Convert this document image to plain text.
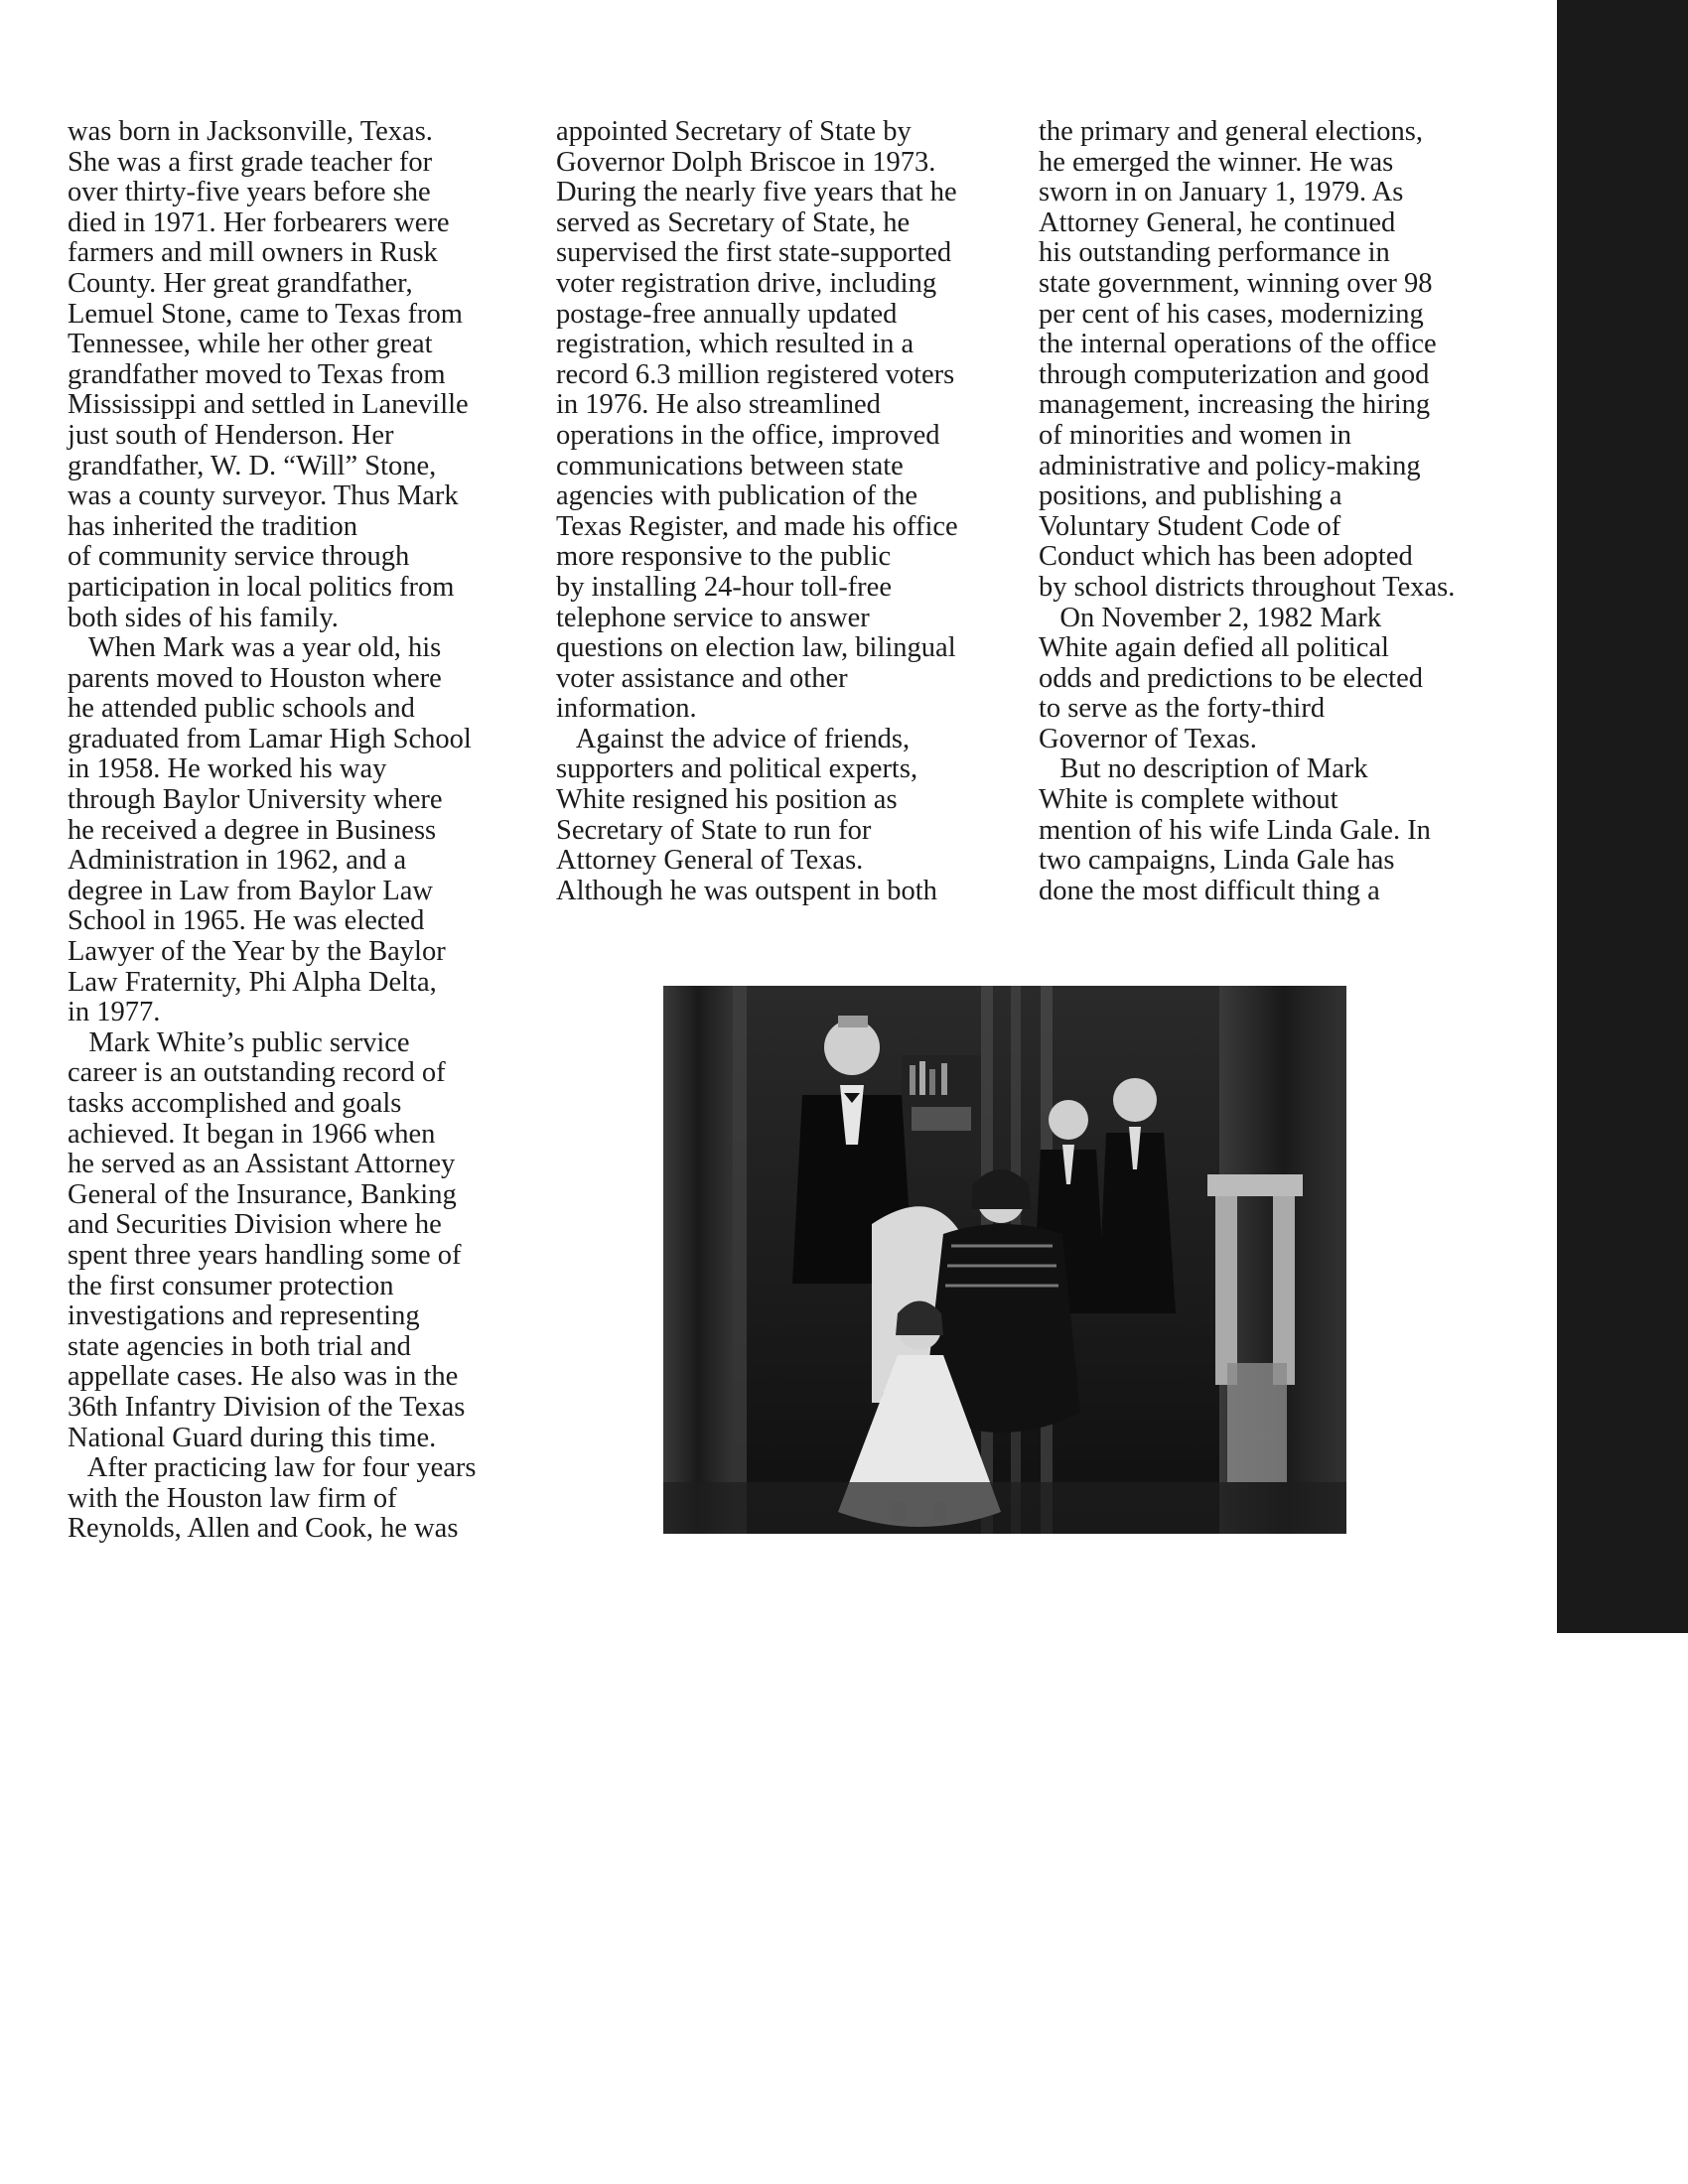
was born in Jacksonville, Texas.
She was a first grade teacher for
over thirty-five years before she
died in 1971. Her forbearers were
farmers and mill owners in Rusk
County. Her great grandfather,
Lemuel Stone, came to Texas from
Tennessee, while her other great
grandfather moved to Texas from
Mississippi and settled in Laneville
just south of Henderson. Her
grandfather, W. D. “Will” Stone,
was a county surveyor. Thus Mark
has inherited the tradition
of community service through
participation in local politics from
both sides of his family.
When Mark was a year old, his
parents moved to Houston where
he attended public schools and
graduated from Lamar High School
in 1958. He worked his way
through Baylor University where
he received a degree in Business
Administration in 1962, and a
degree in Law from Baylor Law
School in 1965. He was elected
Lawyer of the Year by the Baylor
Law Fraternity, Phi Alpha Delta,
in 1977.
Mark White’s public service
career is an outstanding record of
tasks accomplished and goals
achieved. It began in 1966 when
he served as an Assistant Attorney
General of the Insurance, Banking
and Securities Division where he
spent three years handling some of
the first consumer protection
investigations and representing
state agencies in both trial and
appellate cases. He also was in the
36th Infantry Division of the Texas
National Guard during this time.
After practicing law for four years
with the Houston law firm of
Reynolds, Allen and Cook, he was
appointed Secretary of State by
Governor Dolph Briscoe in 1973.
During the nearly five years that he
served as Secretary of State, he
supervised the first state-supported
voter registration drive, including
postage-free annually updated
registration, which resulted in a
record 6.3 million registered voters
in 1976. He also streamlined
operations in the office, improved
communications between state
agencies with publication of the
Texas Register, and made his office
more responsive to the public
by installing 24-hour toll-free
telephone service to answer
questions on election law, bilingual
voter assistance and other
information.
Against the advice of friends,
supporters and political experts,
White resigned his position as
Secretary of State to run for
Attorney General of Texas.
Although he was outspent in both
the primary and general elections,
he emerged the winner. He was
sworn in on January 1, 1979. As
Attorney General, he continued
his outstanding performance in
state government, winning over 98
per cent of his cases, modernizing
the internal operations of the office
through computerization and good
management, increasing the hiring
of minorities and women in
administrative and policy-making
positions, and publishing a
Voluntary Student Code of
Conduct which has been adopted
by school districts throughout Texas.
On November 2, 1982 Mark
White again defied all political
odds and predictions to be elected
to serve as the forty-third
Governor of Texas.
But no description of Mark
White is complete without
mention of his wife Linda Gale. In
two campaigns, Linda Gale has
done the most difficult thing a
